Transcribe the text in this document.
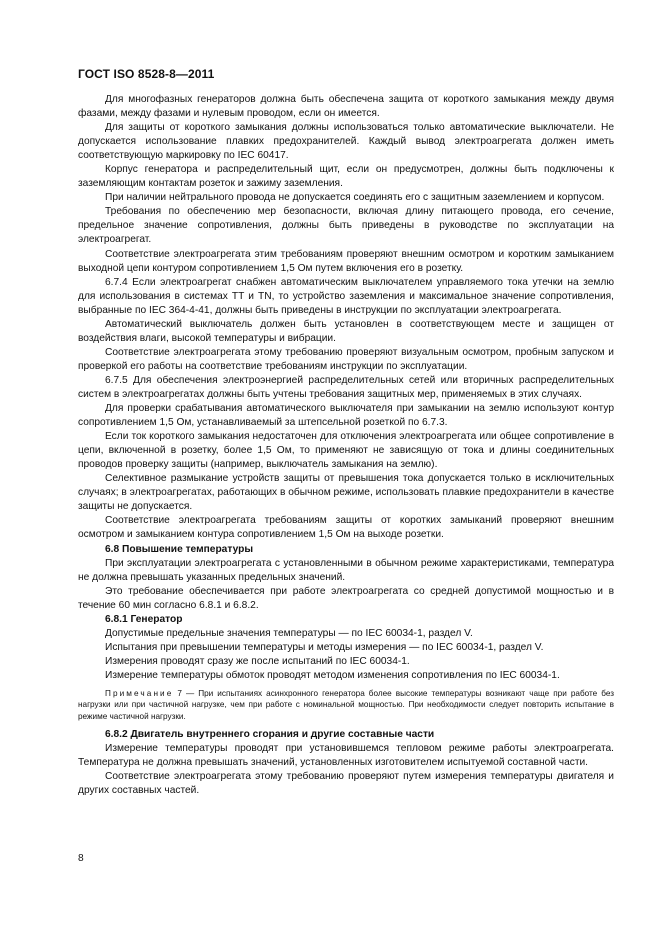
ГОСТ ISO 8528-8—2011

Для многофазных генераторов должна быть обеспечена защита от короткого замыкания между двумя фазами, между фазами и нулевым проводом, если он имеется.

Для защиты от короткого замыкания должны использоваться только автоматические выключатели. Не допускается использование плавких предохранителей. Каждый вывод электроагрегата должен иметь соответствующую маркировку по IEC 60417.

Корпус генератора и распределительный щит, если он предусмотрен, должны быть подключены к заземляющим контактам розеток и зажиму заземления.

При наличии нейтрального провода не допускается соединять его с защитным заземлением и корпусом.

Требования по обеспечению мер безопасности, включая длину питающего провода, его сечение, предельное значение сопротивления, должны быть приведены в руководстве по эксплуатации на электроагрегат.

Соответствие электроагрегата этим требованиям проверяют внешним осмотром и коротким замыканием выходной цепи контуром сопротивлением 1,5 Ом путем включения его в розетку.

6.7.4 Если электроагрегат снабжен автоматическим выключателем управляемого тока утечки на землю для использования в системах TT и TN, то устройство заземления и максимальное значение сопротивления, выбранные по IEC 364-4-41, должны быть приведены в инструкции по эксплуатации электроагрегата.

Автоматический выключатель должен быть установлен в соответствующем месте и защищен от воздействия влаги, высокой температуры и вибрации.

Соответствие электроагрегата этому требованию проверяют визуальным осмотром, пробным запуском и проверкой его работы на соответствие требованиям инструкции по эксплуатации.

6.7.5 Для обеспечения электроэнергией распределительных сетей или вторичных распределительных систем в электроагрегатах должны быть учтены требования защитных мер, применяемых в этих случаях.

Для проверки срабатывания автоматического выключателя при замыкании на землю используют контур сопротивлением 1,5 Ом, устанавливаемый за штепсельной розеткой по 6.7.3.

Если ток короткого замыкания недостаточен для отключения электроагрегата или общее сопротивление в цепи, включенной в розетку, более 1,5 Ом, то применяют не зависящую от тока и длины соединительных проводов проверку защиты (например, выключатель замыкания на землю).

Селективное размыкание устройств защиты от превышения тока допускается только в исключительных случаях; в электроагрегатах, работающих в обычном режиме, использовать плавкие предохранители в качестве защиты не допускается.

Соответствие электроагрегата требованиям защиты от коротких замыканий проверяют внешним осмотром и замыканием контура сопротивлением 1,5 Ом на выходе розетки.

6.8 Повышение температуры

При эксплуатации электроагрегата с установленными в обычном режиме характеристиками, температура не должна превышать указанных предельных значений.

Это требование обеспечивается при работе электроагрегата со средней допустимой мощностью и в течение 60 мин согласно 6.8.1 и 6.8.2.

6.8.1 Генератор

Допустимые предельные значения температуры — по IEC 60034-1, раздел V.

Испытания при превышении температуры и методы измерения — по IEC 60034-1, раздел V.

Измерения проводят сразу же после испытаний по IEC 60034-1.

Измерение температуры обмоток проводят методом изменения сопротивления по IEC 60034-1.

Примечание 7 — При испытаниях асинхронного генератора более высокие температуры возникают чаще при работе без нагрузки или при частичной нагрузке, чем при работе с номинальной мощностью. При необходимости следует повторить испытание в режиме частичной нагрузки.
6.8.2 Двигатель внутреннего сгорания и другие составные части

Измерение температуры проводят при установившемся тепловом режиме работы электроагрегата. Температура не должна превышать значений, установленных изготовителем испытуемой составной части.

Соответствие электроагрегата этому требованию проверяют путем измерения температуры двигателя и других составных частей.

8
